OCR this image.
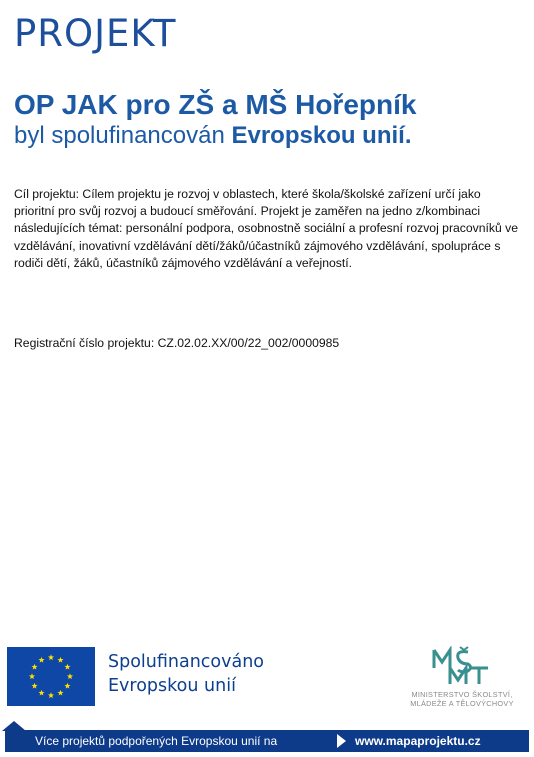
PROJEKT
OP JAK pro ZŠ a MŠ Hořepník
byl spolufinancován Evropskou unií.

Cíl projektu: Cílem projektu je rozvoj v oblastech, které škola/školské zařízení určí jako prioritní pro svůj rozvoj a budoucí směřování. Projekt je zaměřen na jedno z/kombinaci následujících témat: personální podpora, osobnostně sociální a profesní rozvoj pracovníků ve vzdělávání, inovativní vzdělávání dětí/žáků/účastníků zájmového vzdělávání, spolupráce s rodiči dětí, žáků, účastníků zájmového vzdělávání a veřejností.

Registrační číslo projektu: CZ.02.02.XX/00/22_002/0000985

Spolufinancováno
Evropskou unií	MINISTERSTVO ŠKOLSTVÍ,
MLÁDEŽE A TĚLOVÝCHOVY
Více projektů podpořených Evropskou unií na	www.mapaprojektu.cz
